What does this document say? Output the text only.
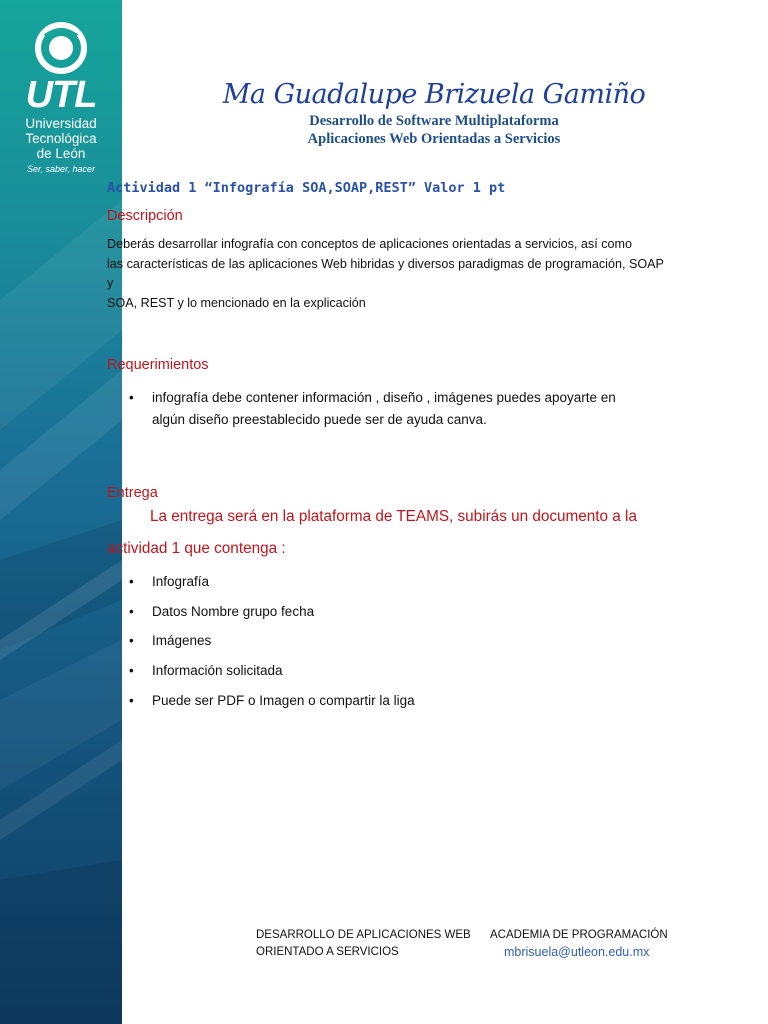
UTL
Universidad
Tecnológica
de León
Ser, saber, hacer
Ma Guadalupe Brizuela Gamiño
Desarrollo de Software Multiplataforma
Aplicaciones Web Orientadas a Servicios

Actividad 1 “Infografía SOA,SOAP,REST” Valor 1 pt

Descripción

Deberás desarrollar infografía con conceptos de aplicaciones orientadas a servicios, así como

las características de las aplicaciones Web hibridas y diversos paradigmas de programación, SOAP y

SOA, REST y lo mencionado en la explicación

Requerimientos

• infografía debe contener información , diseño , imágenes puedes apoyarte en
algún diseño preestablecido puede ser de ayuda canva.

Entrega

La entrega será en la plataforma de TEAMS, subirás un documento a la

actividad 1 que contenga :

• Infografía
• Datos Nombre grupo fecha
• Imágenes
• Información solicitada
• Puede ser PDF o Imagen o compartir la liga
DESARROLLO DE APLICACIONES WEB
ORIENTADO A SERVICIOS
ACADEMIA DE PROGRAMACIÓN
mbrisuela@utleon.edu.mx
